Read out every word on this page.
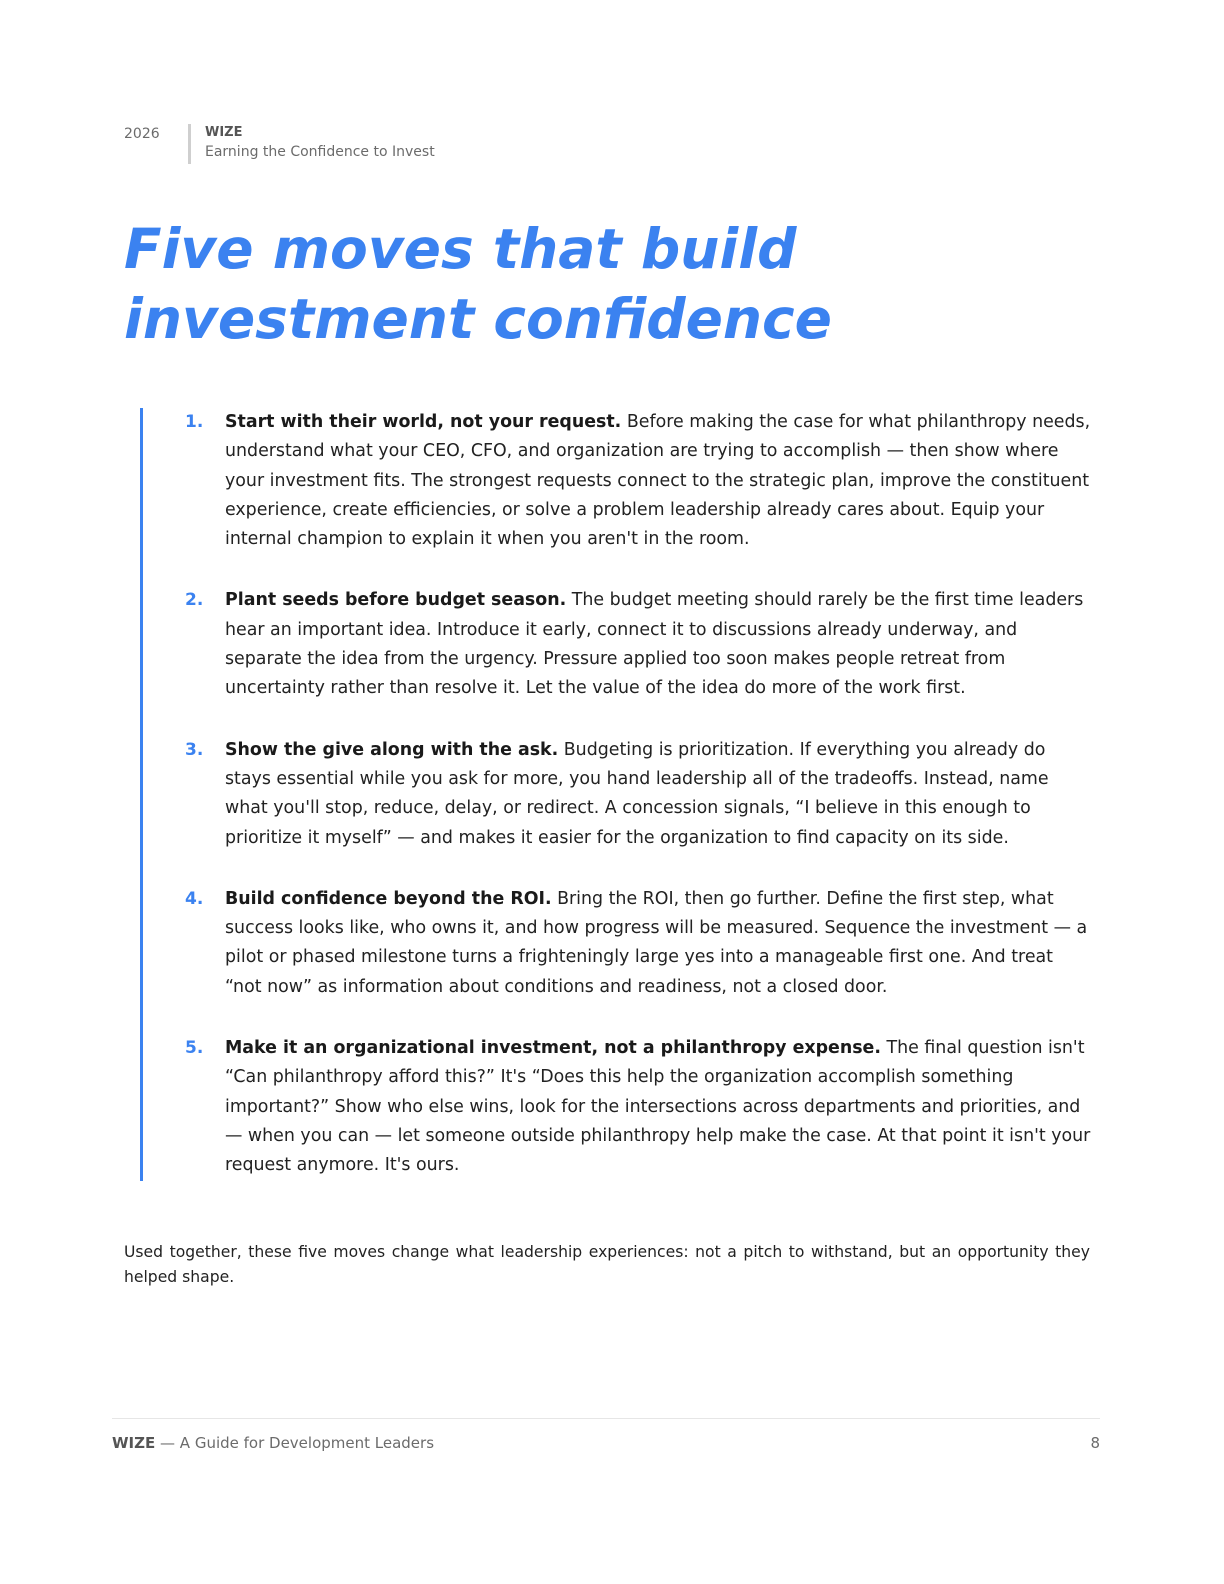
2026	WIZE
Earning the Confidence to Invest
Five moves that build
investment confidence
1.	Start with their world, not your request. Before making the case for what philanthropy needs, understand what your CEO, CFO, and organization are trying to accomplish — then show where your investment fits. The strongest requests connect to the strategic plan, improve the constituent experience, create efficiencies, or solve a problem leadership already cares about. Equip your internal champion to explain it when you aren't in the room.
2.	Plant seeds before budget season. The budget meeting should rarely be the first time leaders hear an important idea. Introduce it early, connect it to discussions already underway, and separate the idea from the urgency. Pressure applied too soon makes people retreat from uncertainty rather than resolve it. Let the value of the idea do more of the work first.
3.	Show the give along with the ask. Budgeting is prioritization. If everything you already do stays essential while you ask for more, you hand leadership all of the tradeoffs. Instead, name what you'll stop, reduce, delay, or redirect. A concession signals, “I believe in this enough to prioritize it myself” — and makes it easier for the organization to find capacity on its side.
4.	Build confidence beyond the ROI. Bring the ROI, then go further. Define the first step, what success looks like, who owns it, and how progress will be measured. Sequence the investment — a pilot or phased milestone turns a frighteningly large yes into a manageable first one. And treat “not now” as information about conditions and readiness, not a closed door.
5.	Make it an organizational investment, not a philanthropy expense. The final question isn't “Can philanthropy afford this?” It's “Does this help the organization accomplish something important?” Show who else wins, look for the intersections across departments and priorities, and — when you can — let someone outside philanthropy help make the case. At that point it isn't your request anymore. It's ours.

Used together, these five moves change what leadership experiences: not a pitch to withstand, but an opportunity they helped shape.

WIZE — A Guide for Development Leaders	8
